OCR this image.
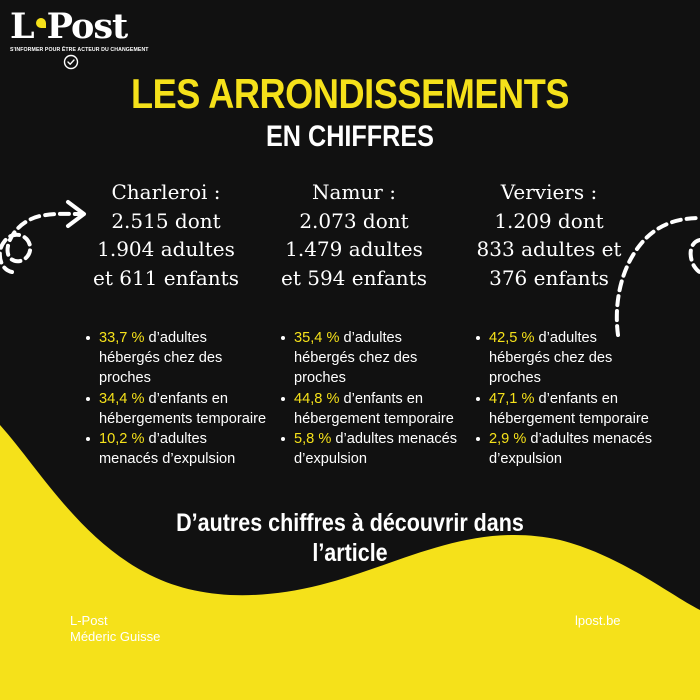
L Post
S'INFORMER POUR ÊTRE ACTEUR DU CHANGEMENT
LES ARRONDISSEMENTS
EN CHIFFRES
Charleroi :
2.515 dont
1.904 adultes
et 611 enfants
Namur :
2.073 dont
1.479 adultes
et 594 enfants
Verviers :
1.209 dont
833 adultes et
376 enfants
33,7 % d’adultes hébergés chez des proches
34,4 % d’enfants en hébergements temporaire
10,2 % d’adultes menacés d’expulsion
35,4 % d’adultes hébergés chez des proches
44,8 % d’enfants en hébergement temporaire
5,8 % d’adultes menacés d’expulsion
42,5 % d’adultes hébergés chez des proches
47,1 % d’enfants en hébergement temporaire
2,9 % d’adultes menacés d’expulsion
D’autres chiffres à découvrir dans
l’article
L-Post
Méderic Guisse
lpost.be
